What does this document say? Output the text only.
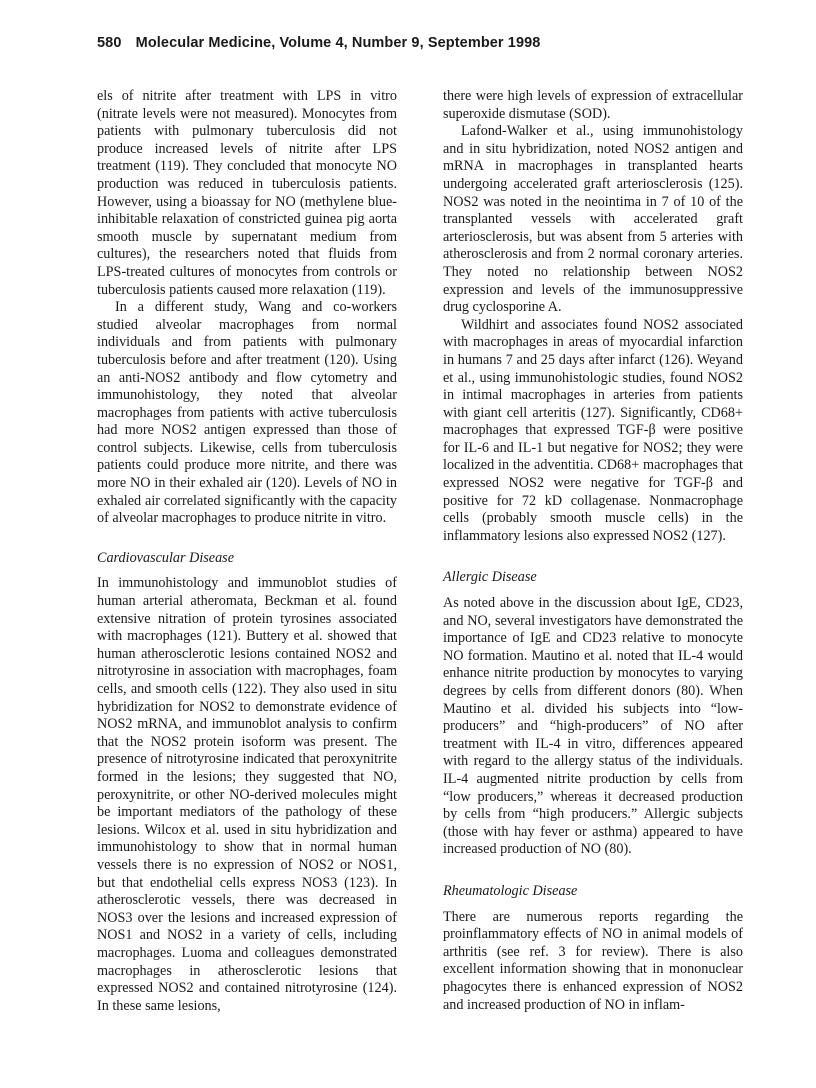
580 Molecular Medicine, Volume 4, Number 9, September 1998

els of nitrite after treatment with LPS in vitro (nitrate levels were not measured). Monocytes from patients with pulmonary tuberculosis did not produce increased levels of nitrite after LPS treatment (119). They concluded that monocyte NO production was reduced in tuberculosis patients. However, using a bioassay for NO (methylene blue-inhibitable relaxation of constricted guinea pig aorta smooth muscle by supernatant medium from cultures), the researchers noted that fluids from LPS-treated cultures of monocytes from controls or tuberculosis patients caused more relaxation (119).

In a different study, Wang and co-workers studied alveolar macrophages from normal individuals and from patients with pulmonary tuberculosis before and after treatment (120). Using an anti-NOS2 antibody and flow cytometry and immunohistology, they noted that alveolar macrophages from patients with active tuberculosis had more NOS2 antigen expressed than those of control subjects. Likewise, cells from tuberculosis patients could produce more nitrite, and there was more NO in their exhaled air (120). Levels of NO in exhaled air correlated significantly with the capacity of alveolar macrophages to produce nitrite in vitro.

Cardiovascular Disease

In immunohistology and immunoblot studies of human arterial atheromata, Beckman et al. found extensive nitration of protein tyrosines associated with macrophages (121). Buttery et al. showed that human atherosclerotic lesions contained NOS2 and nitrotyrosine in association with macrophages, foam cells, and smooth cells (122). They also used in situ hybridization for NOS2 to demonstrate evidence of NOS2 mRNA, and immunoblot analysis to confirm that the NOS2 protein isoform was present. The presence of nitrotyrosine indicated that peroxynitrite formed in the lesions; they suggested that NO, peroxynitrite, or other NO-derived molecules might be important mediators of the pathology of these lesions. Wilcox et al. used in situ hybridization and immunohistology to show that in normal human vessels there is no expression of NOS2 or NOS1, but that endothelial cells express NOS3 (123). In atherosclerotic vessels, there was decreased in NOS3 over the lesions and increased expression of NOS1 and NOS2 in a variety of cells, including macrophages. Luoma and colleagues demonstrated macrophages in atherosclerotic lesions that expressed NOS2 and contained nitrotyrosine (124). In these same lesions,

there were high levels of expression of extracellular superoxide dismutase (SOD).

Lafond-Walker et al., using immunohistology and in situ hybridization, noted NOS2 antigen and mRNA in macrophages in transplanted hearts undergoing accelerated graft arteriosclerosis (125). NOS2 was noted in the neointima in 7 of 10 of the transplanted vessels with accelerated graft arteriosclerosis, but was absent from 5 arteries with atherosclerosis and from 2 normal coronary arteries. They noted no relationship between NOS2 expression and levels of the immunosuppressive drug cyclosporine A.

Wildhirt and associates found NOS2 associated with macrophages in areas of myocardial infarction in humans 7 and 25 days after infarct (126). Weyand et al., using immunohistologic studies, found NOS2 in intimal macrophages in arteries from patients with giant cell arteritis (127). Significantly, CD68+ macrophages that expressed TGF-β were positive for IL-6 and IL-1 but negative for NOS2; they were localized in the adventitia. CD68+ macrophages that expressed NOS2 were negative for TGF-β and positive for 72 kD collagenase. Nonmacrophage cells (probably smooth muscle cells) in the inflammatory lesions also expressed NOS2 (127).

Allergic Disease

As noted above in the discussion about IgE, CD23, and NO, several investigators have demonstrated the importance of IgE and CD23 relative to monocyte NO formation. Mautino et al. noted that IL-4 would enhance nitrite production by monocytes to varying degrees by cells from different donors (80). When Mautino et al. divided his subjects into “low-producers” and “high-producers” of NO after treatment with IL-4 in vitro, differences appeared with regard to the allergy status of the individuals. IL-4 augmented nitrite production by cells from “low producers,” whereas it decreased production by cells from “high producers.” Allergic subjects (those with hay fever or asthma) appeared to have increased production of NO (80).

Rheumatologic Disease

There are numerous reports regarding the proinflammatory effects of NO in animal models of arthritis (see ref. 3 for review). There is also excellent information showing that in mononuclear phagocytes there is enhanced expression of NOS2 and increased production of NO in inflam-
